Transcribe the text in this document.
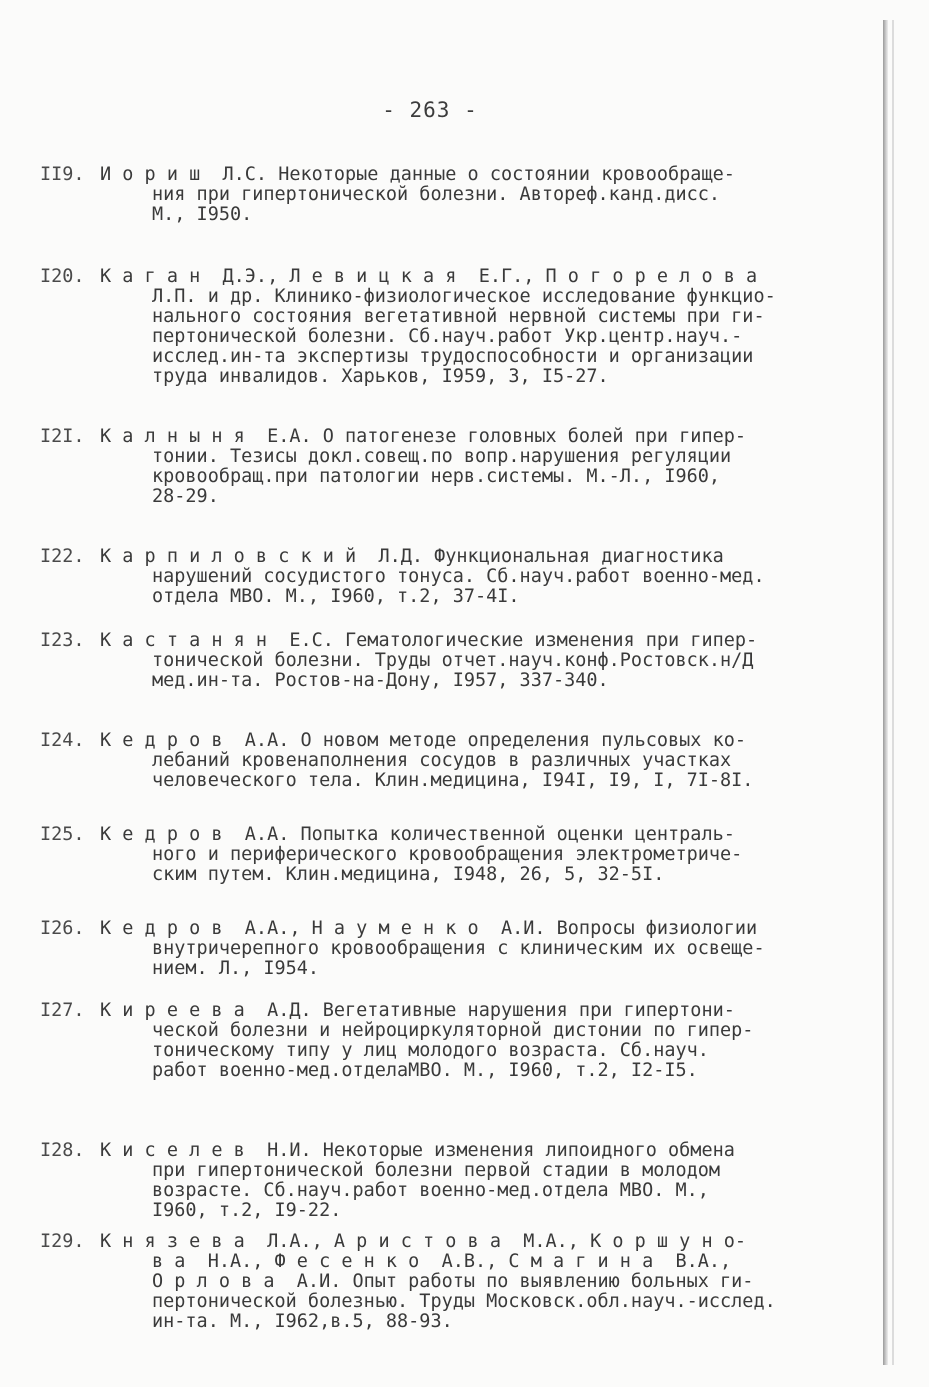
- 263 -
II9. Й о р и ш  Л.С. Некоторые данные о состоянии кровообраще-
ния при гипертонической болезни. Автореф.канд.дисс.
М., I950.
I20. К а г а н  Д.Э., Л е в и ц к а я  Е.Г., П о г о р е л о в а
Л.П. и др. Клинико-физиологическое исследование функцио-
нального состояния вегетативной нервной системы при ги-
пертонической болезни. Сб.науч.работ Укр.центр.науч.-
исслед.ин-та экспертизы трудоспособности и организации
труда инвалидов. Харьков, I959, 3, I5-27.
I2I. К а л н ы н я  Е.А. О патогенезе головных болей при гипер-
тонии. Тезисы докл.совещ.по вопр.нарушения регуляции
кровообращ.при патологии нерв.системы. М.-Л., I960,
28-29.
I22. К а р п и л о в с к и й  Л.Д. Функциональная диагностика
нарушений сосудистого тонуса. Сб.науч.работ военно-мед.
отдела МВО. М., I960, т.2, 37-4I.
I23. К а с т а н я н  Е.С. Гематологические изменения при гипер-
тонической болезни. Труды отчет.науч.конф.Ростовск.н/Д
мед.ин-та. Ростов-на-Дону, I957, 337-340.
I24. К е д р о в  А.А. О новом методе определения пульсовых ко-
лебаний кровенаполнения сосудов в различных участках
человеческого тела. Клин.медицина, I94I, I9, I, 7I-8I.
I25. К е д р о в  А.А. Попытка количественной оценки централь-
ного и периферического кровообращения электрометриче-
ским путем. Клин.медицина, I948, 26, 5, 32-5I.
I26. К е д р о в  А.А., Н а у м е н к о  А.И. Вопросы физиологии
внутричерепного кровообращения с клиническим их освеще-
нием. Л., I954.
I27. К и р е е в а  А.Д. Вегетативные нарушения при гипертони-
ческой болезни и нейроциркуляторной дистонии по гипер-
тоническому типу у лиц молодого возраста. Сб.науч.
работ военно-мед.отделаМВО. М., I960, т.2, I2-I5.
I28. К и с е л е в  Н.И. Некоторые изменения липоидного обмена
при гипертонической болезни первой стадии в молодом
возрасте. Сб.науч.работ военно-мед.отдела МВО. М.,
I960, т.2, I9-22.
I29. К н я з е в а  Л.А., А р и с т о в а  М.А., К о р ш у н о-
в а  Н.А., Ф е с е н к о  А.В., С м а г и н а  В.А.,
О р л о в а  А.И. Опыт работы по выявлению больных ги-
пертонической болезнью. Труды Московск.обл.науч.-исслед.
ин-та. М., I962,в.5, 88-93.
